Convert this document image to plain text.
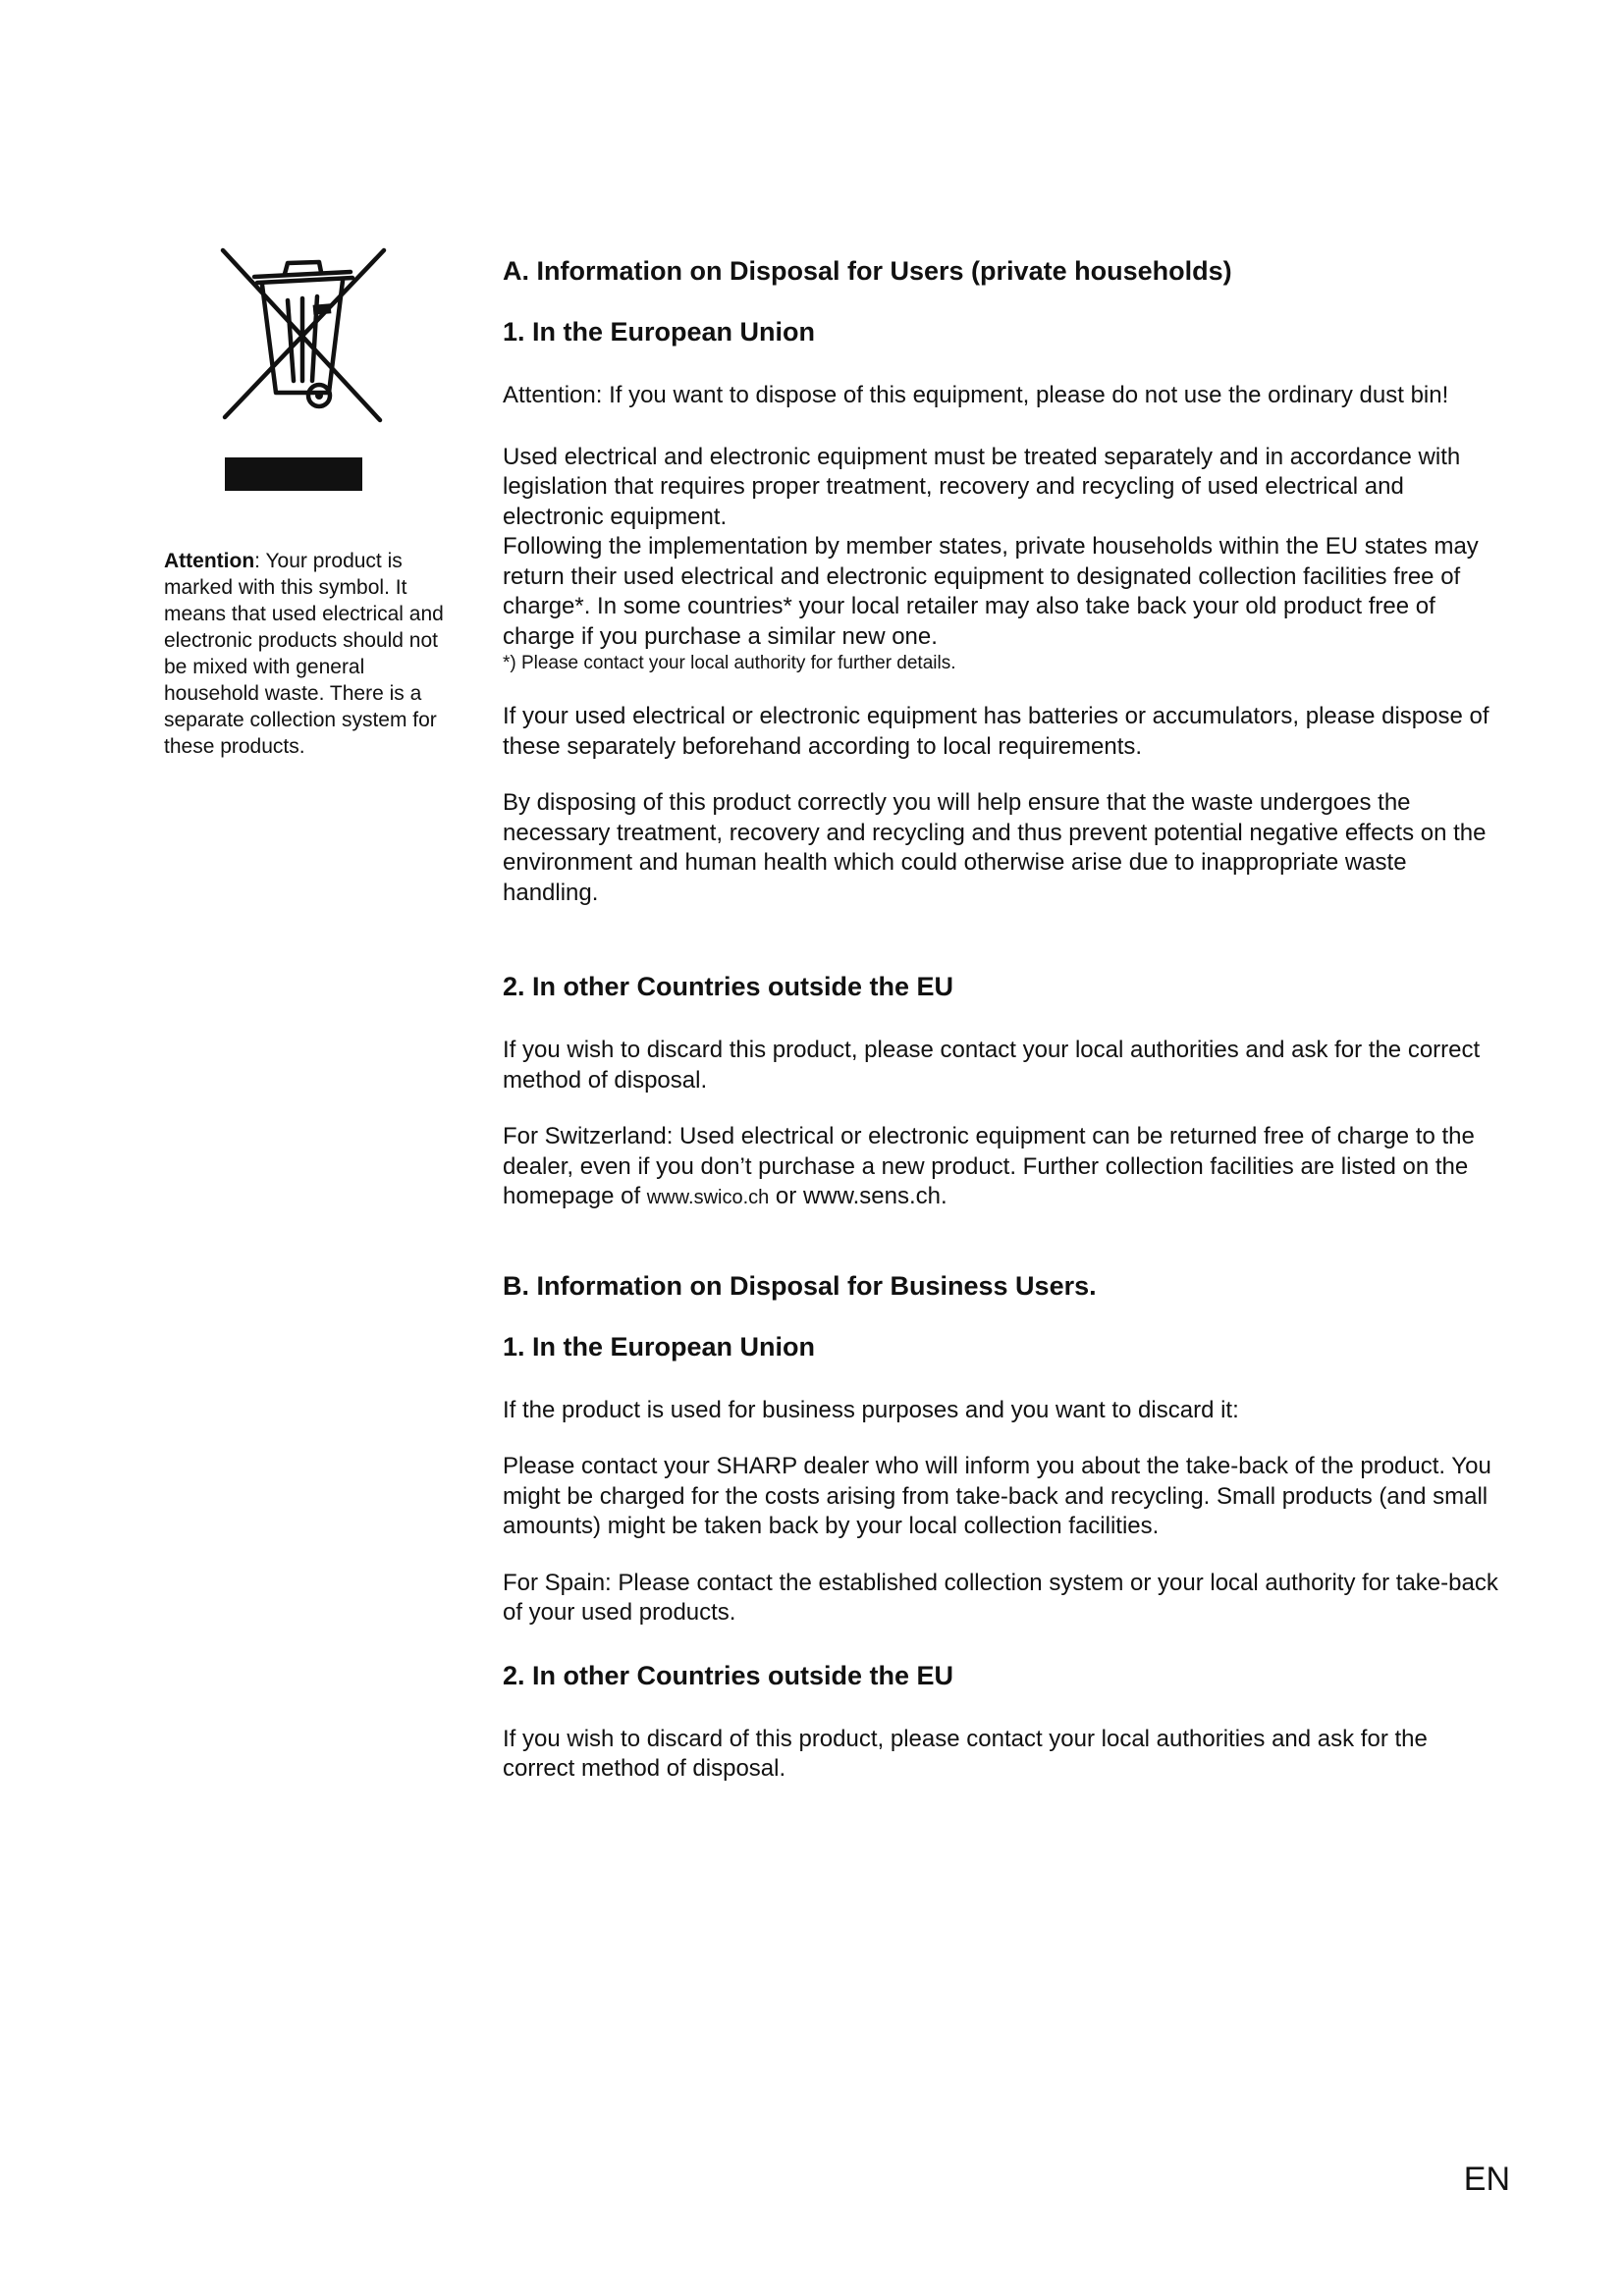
Attention: Your product is marked with this symbol. It means that used electrical and electronic products should not be mixed with general household waste. There is a separate collection system for these products.
A. Information on Disposal for Users (private households)
1. In the European Union

Attention: If you want to dispose of this equipment, please do not use the ordinary dust bin!

Used electrical and electronic equipment must be treated separately and in accordance with legislation that requires proper treatment, recovery and recycling of used electrical and electronic equipment.
Following the implementation by member states, private households within the EU states may return their used electrical and electronic equipment to designated collection facilities free of charge*. In some countries* your local retailer may also take back your old product free of charge if you purchase a similar new one.
*) Please contact your local authority for further details.

If your used electrical or electronic equipment has batteries or accumulators, please dispose of these separately beforehand according to local requirements.

By disposing of this product correctly you will help ensure that the waste undergoes the necessary treatment, recovery and recycling and thus prevent potential negative effects on the environment and human health which could otherwise arise due to inappropriate waste handling.

2. In other Countries outside the EU

If you wish to discard this product, please contact your local authorities and ask for the correct method of disposal.

For Switzerland: Used electrical or electronic equipment can be returned free of charge to the dealer, even if you don’t purchase a new product. Further collection facilities are listed on the homepage of www.swico.ch or www.sens.ch.

B. Information on Disposal for Business Users.
1. In the European Union

If the product is used for business purposes and you want to discard it:

Please contact your SHARP dealer who will inform you about the take-back of the product. You might be charged for the costs arising from take-back and recycling. Small products (and small amounts) might be taken back by your local collection facilities.

For Spain: Please contact the established collection system or your local authority for take-back of your used products.

2. In other Countries outside the EU

If you wish to discard of this product, please contact your local authorities and ask for the correct method of disposal.

EN
